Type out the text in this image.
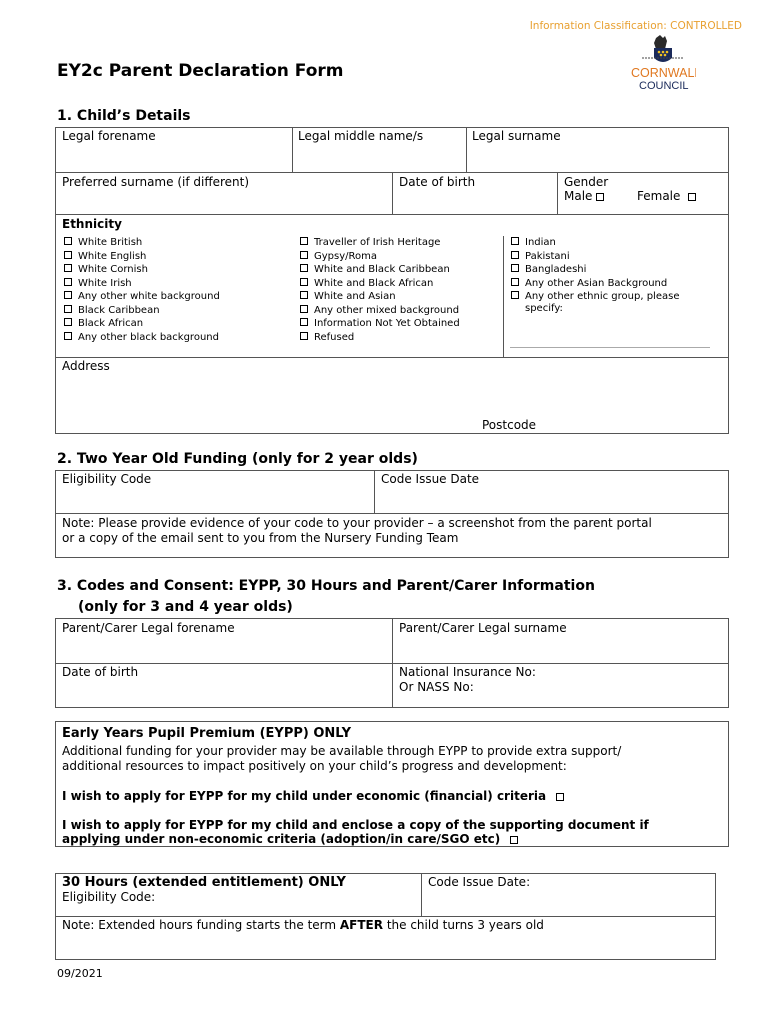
Information Classification: CONTROLLED
CORNWALL
COUNCIL
EY2c Parent Declaration Form
1. Child’s Details
Legal forename	Legal middle name/s	Legal surname
Preferred surname (if different)	Date of birth	Gender
Male	Female
Ethnicity
White British
White English
White Cornish
White Irish
Any other white background
Black Caribbean
Black African
Any other black background
Traveller of Irish Heritage
Gypsy/Roma
White and Black Caribbean
White and Black African
White and Asian
Any other mixed background
Information Not Yet Obtained
Refused
Indian
Pakistani
Bangladeshi
Any other Asian Background
Any other ethnic group, please
specify:
Address
Postcode
2. Two Year Old Funding (only for 2 year olds)
Eligibility Code	Code Issue Date
Note: Please provide evidence of your code to your provider – a screenshot from the parent portal
or a copy of the email sent to you from the Nursery Funding Team
3. Codes and Consent: EYPP, 30 Hours and Parent/Carer Information
(only for 3 and 4 year olds)
Parent/Carer Legal forename	Parent/Carer Legal surname
Date of birth	National Insurance No:
Or NASS No:
Early Years Pupil Premium (EYPP) ONLY
Additional funding for your provider may be available through EYPP to provide extra support/
additional resources to impact positively on your child’s progress and development:
I wish to apply for EYPP for my child under economic (financial) criteria
I wish to apply for EYPP for my child and enclose a copy of the supporting document if
applying under non-economic criteria (adoption/in care/SGO etc)
30 Hours (extended entitlement) ONLY
Eligibility Code:
Code Issue Date:
Note: Extended hours funding starts the term AFTER the child turns 3 years old
09/2021
